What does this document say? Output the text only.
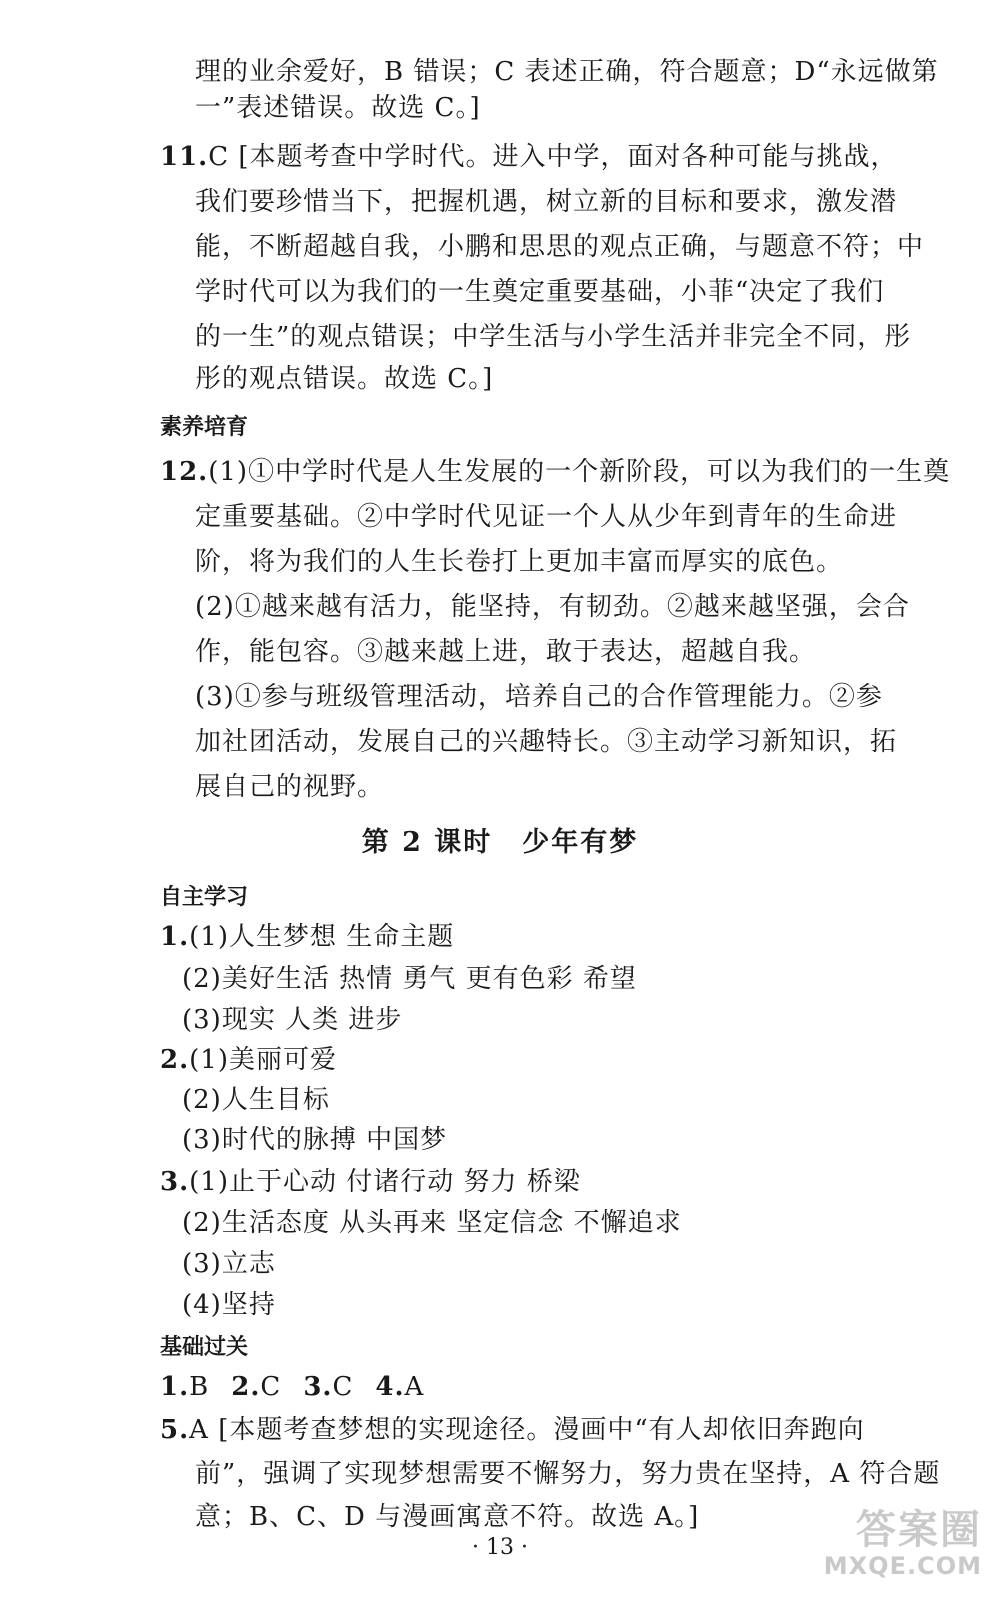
理的业余爱好，B 错误；C 表述正确，符合题意；D“永远做第
一”表述错误。故选 C。]
11.C [本题考查中学时代。进入中学，面对各种可能与挑战，
我们要珍惜当下，把握机遇，树立新的目标和要求，激发潜
能，不断超越自我，小鹏和思思的观点正确，与题意不符；中
学时代可以为我们的一生奠定重要基础，小菲“决定了我们
的一生”的观点错误；中学生活与小学生活并非完全不同，彤
彤的观点错误。故选 C。]
素养培育
12.(1)①中学时代是人生发展的一个新阶段，可以为我们的一生奠
定重要基础。②中学时代见证一个人从少年到青年的生命进
阶，将为我们的人生长卷打上更加丰富而厚实的底色。
(2)①越来越有活力，能坚持，有韧劲。②越来越坚强，会合
作，能包容。③越来越上进，敢于表达，超越自我。
(3)①参与班级管理活动，培养自己的合作管理能力。②参
加社团活动，发展自己的兴趣特长。③主动学习新知识，拓
展自己的视野。
第 2 课时 少年有梦
自主学习
1.(1)人生梦想 生命主题
(2)美好生活 热情 勇气 更有色彩 希望
(3)现实 人类 进步
2.(1)美丽可爱
(2)人生目标
(3)时代的脉搏 中国梦
3.(1)止于心动 付诸行动 努力 桥梁
(2)生活态度 从头再来 坚定信念 不懈追求
(3)立志
(4)坚持
基础过关
1.B 2.C 3.C 4.A
5.A [本题考查梦想的实现途径。漫画中“有人却依旧奔跑向
前”，强调了实现梦想需要不懈努力，努力贵在坚持，A 符合题
意；B、C、D 与漫画寓意不符。故选 A。]
· 13 ·	答案圈
MXQE.COM
